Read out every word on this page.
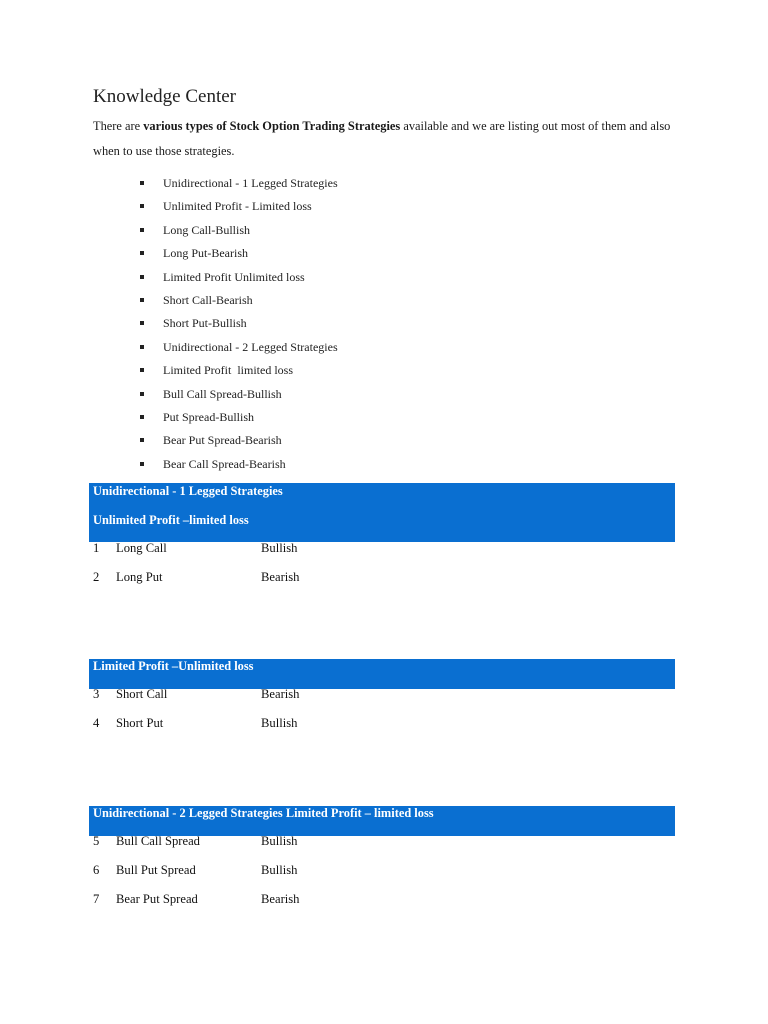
Knowledge Center
There are various types of Stock Option Trading Strategies available and we are listing out most of them and also when to use those strategies.
Unidirectional - 1 Legged Strategies
Unlimited Profit - Limited loss
Long Call-Bullish
Long Put-Bearish
Limited Profit Unlimited loss
Short Call-Bearish
Short Put-Bullish
Unidirectional - 2 Legged Strategies
Limited Profit  limited loss
Bull Call Spread-Bullish
Put Spread-Bullish
Bear Put Spread-Bearish
Bear Call Spread-Bearish
Unidirectional - 1 Legged Strategies
Unlimited Profit –limited loss
1 Long Call	Bullish
2 Long Put	Bearish
Limited Profit –Unlimited loss
3 Short Call	Bearish
4 Short Put	Bullish
Unidirectional - 2 Legged Strategies Limited Profit – limited loss
5 Bull Call Spread	Bullish
6 Bull Put Spread	Bullish
7 Bear Put Spread	Bearish
